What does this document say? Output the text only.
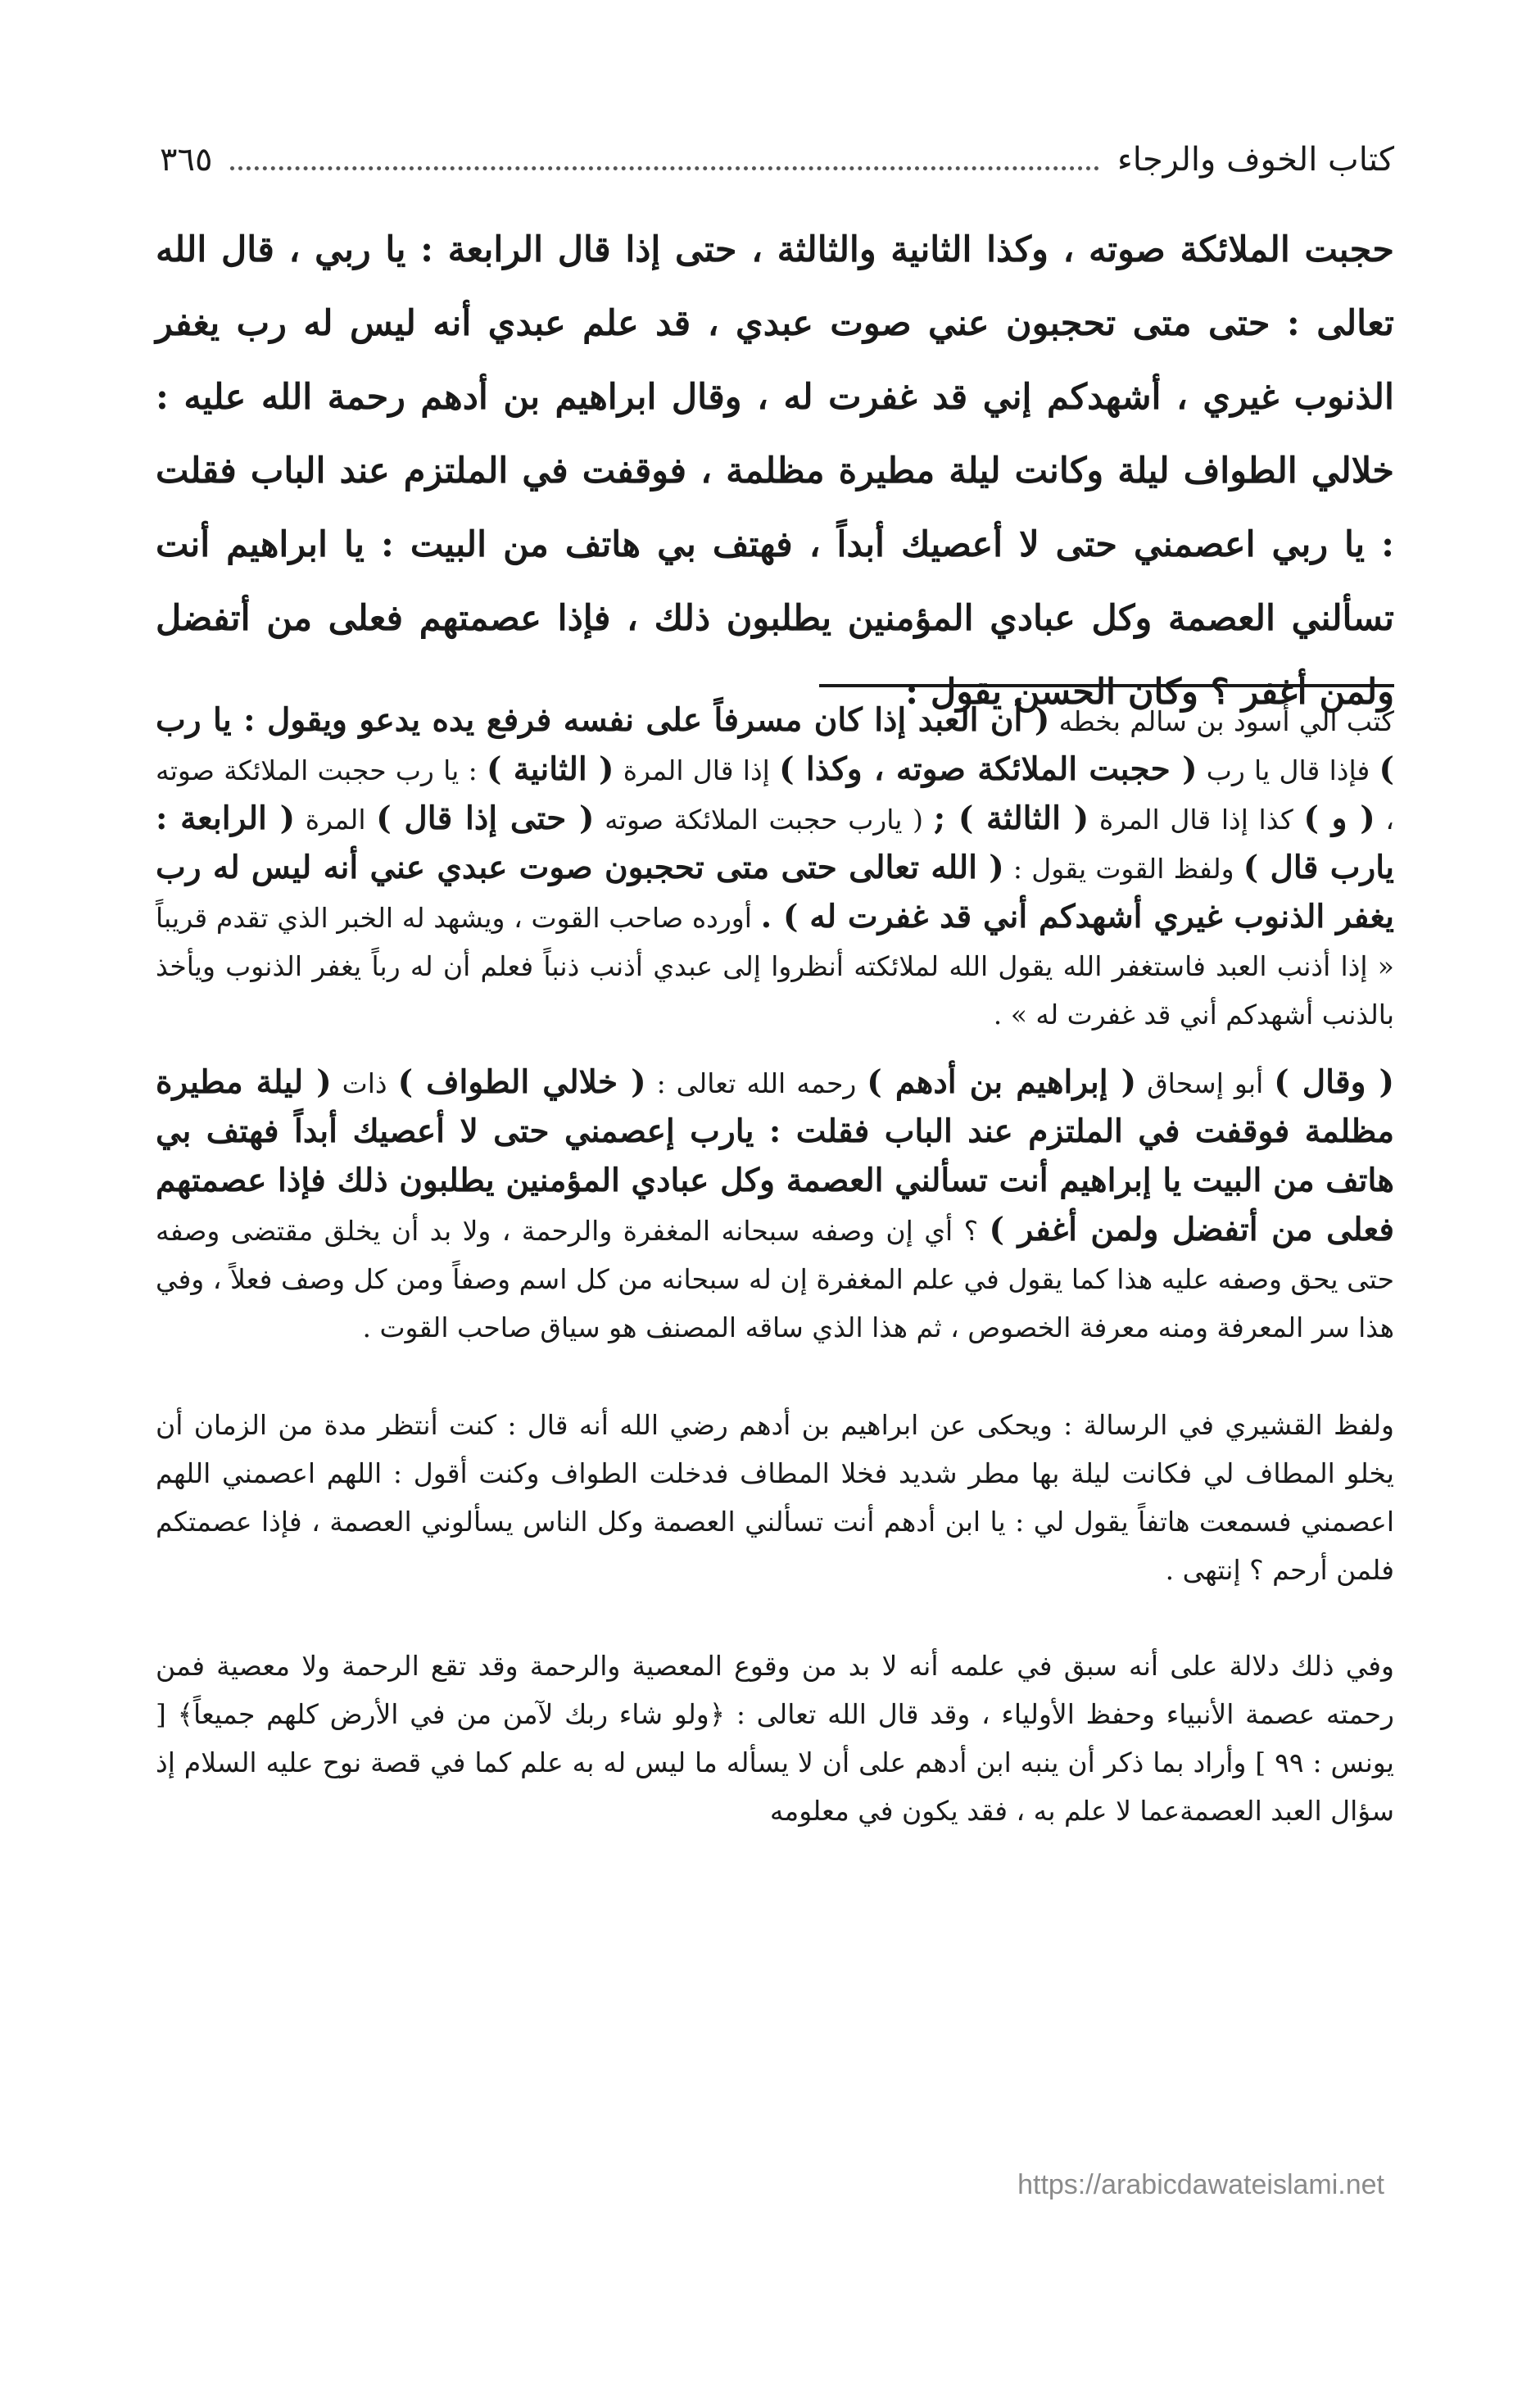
كتاب الخوف والرجاء
٣٦٥
حجبت الملائكة صوته ، وكذا الثانية والثالثة ، حتى إذا قال الرابعة : يا ربي ، قال الله تعالى : حتى متى تحجبون عني صوت عبدي ، قد علم عبدي أنه ليس له رب يغفر الذنوب غيري ، أشهدكم إني قد غفرت له ، وقال ابراهيم بن أدهم رحمة الله عليه : خلالي الطواف ليلة وكانت ليلة مطيرة مظلمة ، فوقفت في الملتزم عند الباب فقلت : يا ربي اعصمني حتى لا أعصيك أبداً ، فهتف بي هاتف من البيت : يا ابراهيم أنت تسألني العصمة وكل عبادي المؤمنين يطلبون ذلك ، فإذا عصمتهم فعلى من أتفضل ولمن أغفر ؟ وكان الحسن يقول :

كتب الي أسود بن سالم بخطه ( أن العبد إذا كان مسرفاً على نفسه فرفع يده يدعو ويقول : يا رب ) فإذا قال يا رب ( حجبت الملائكة صوته ، وكذا ) إذا قال المرة ( الثانية ) : يا رب حجبت الملائكة صوته ، ( و ) كذا إذا قال المرة ( الثالثة ) ; ( يارب حجبت الملائكة صوته ( حتى إذا قال ) المرة ( الرابعة : يارب قال ) ولفظ القوت يقول : ( الله تعالى حتى متى تحجبون صوت عبدي عني أنه ليس له رب يغفر الذنوب غيري أشهدكم أني قد غفرت له ) . أورده صاحب القوت ، ويشهد له الخبر الذي تقدم قريباً « إذا أذنب العبد فاستغفر الله يقول الله لملائكته أنظروا إلى عبدي أذنب ذنباً فعلم أن له رباً يغفر الذنوب ويأخذ بالذنب أشهدكم أني قد غفرت له » .

( وقال ) أبو إسحاق ( إبراهيم بن أدهم ) رحمه الله تعالى : ( خلالي الطواف ) ذات ( ليلة مطيرة مظلمة فوقفت في الملتزم عند الباب فقلت : يارب إعصمني حتى لا أعصيك أبداً فهتف بي هاتف من البيت يا إبراهيم أنت تسألني العصمة وكل عبادي المؤمنين يطلبون ذلك فإذا عصمتهم فعلى من أتفضل ولمن أغفر ) ؟ أي إن وصفه سبحانه المغفرة والرحمة ، ولا بد أن يخلق مقتضى وصفه حتى يحق وصفه عليه هذا كما يقول في علم المغفرة إن له سبحانه من كل اسم وصفاً ومن كل وصف فعلاً ، وفي هذا سر المعرفة ومنه معرفة الخصوص ، ثم هذا الذي ساقه المصنف هو سياق صاحب القوت .

ولفظ القشيري في الرسالة : ويحكى عن ابراهيم بن أدهم رضي الله أنه قال : كنت أنتظر مدة من الزمان أن يخلو المطاف لي فكانت ليلة بها مطر شديد فخلا المطاف فدخلت الطواف وكنت أقول : اللهم اعصمني اللهم اعصمني فسمعت هاتفاً يقول لي : يا ابن أدهم أنت تسألني العصمة وكل الناس يسألوني العصمة ، فإذا عصمتكم فلمن أرحم ؟ إنتهى .

وفي ذلك دلالة على أنه سبق في علمه أنه لا بد من وقوع المعصية والرحمة وقد تقع الرحمة ولا معصية فمن رحمته عصمة الأنبياء وحفظ الأولياء ، وقد قال الله تعالى : ﴿ولو شاء ربك لآمن من في الأرض كلهم جميعاً﴾ [ يونس : ٩٩ ] وأراد بما ذكر أن ينبه ابن أدهم على أن لا يسأله ما ليس له به علم كما في قصة نوح عليه السلام إذ سؤال العبد العصمةعما لا علم به ، فقد يكون في معلومه

https://arabicdawateislami.net
